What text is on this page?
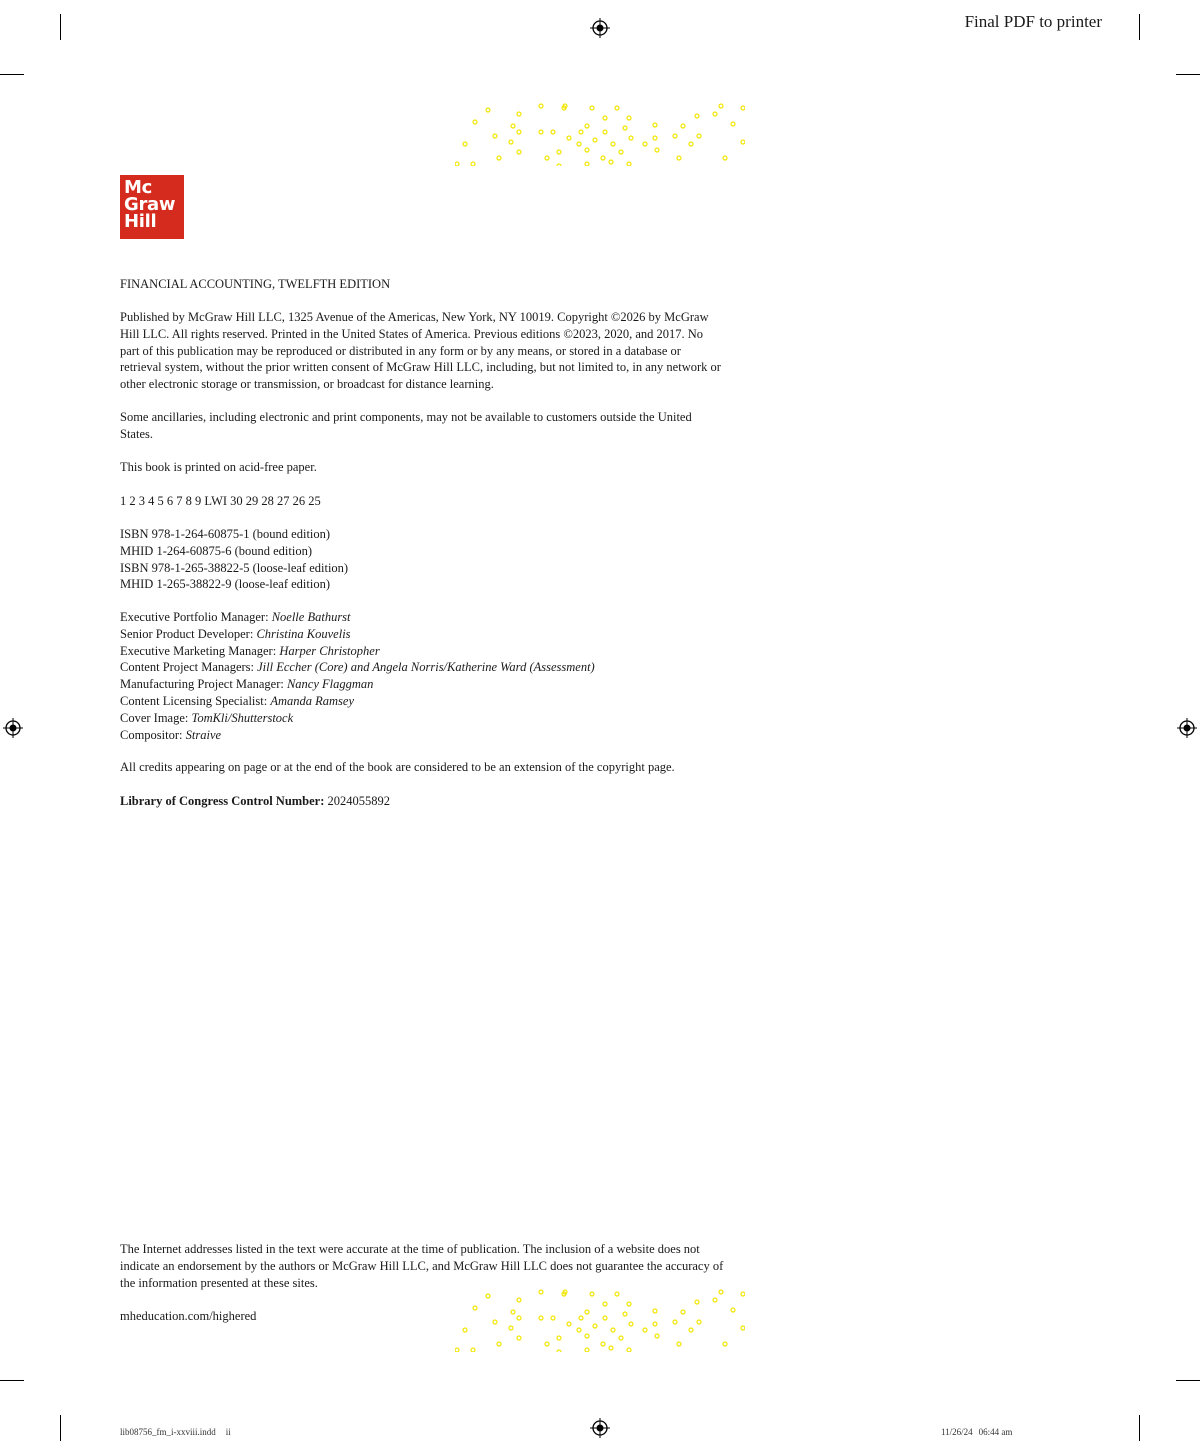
Final PDF to printer
Mc
Graw
Hill
FINANCIAL ACCOUNTING, TWELFTH EDITION

Published by McGraw Hill LLC, 1325 Avenue of the Americas, New York, NY 10019. Copyright ©2026 by McGraw Hill LLC. All rights reserved. Printed in the United States of America. Previous editions ©2023, 2020, and 2017. No part of this publication may be reproduced or distributed in any form or by any means, or stored in a database or retrieval system, without the prior written consent of McGraw Hill LLC, including, but not limited to, in any network or other electronic storage or transmission, or broadcast for distance learning.

Some ancillaries, including electronic and print components, may not be available to customers outside the United States.

This book is printed on acid-free paper.

1 2 3 4 5 6 7 8 9 LWI 30 29 28 27 26 25

ISBN 978-1-264-60875-1 (bound edition)
MHID 1-264-60875-6 (bound edition)
ISBN 978-1-265-38822-5 (loose-leaf edition)
MHID 1-265-38822-9 (loose-leaf edition)
Executive Portfolio Manager: Noelle Bathurst
Senior Product Developer: Christina Kouvelis
Executive Marketing Manager: Harper Christopher
Content Project Managers: Jill Eccher (Core) and Angela Norris/Katherine Ward (Assessment)
Manufacturing Project Manager: Nancy Flaggman
Content Licensing Specialist: Amanda Ramsey
Cover Image: TomKli/Shutterstock
Compositor: Straive

All credits appearing on page or at the end of the book are considered to be an extension of the copyright page.

Library of Congress Control Number: 2024055892

The Internet addresses listed in the text were accurate at the time of publication. The inclusion of a website does not indicate an endorsement by the authors or McGraw Hill LLC, and McGraw Hill LLC does not guarantee the accuracy of the information presented at these sites.

mheducation.com/highered
lib08756_fm_i-xxviii.indd ii	11/26/24 06:44 am
